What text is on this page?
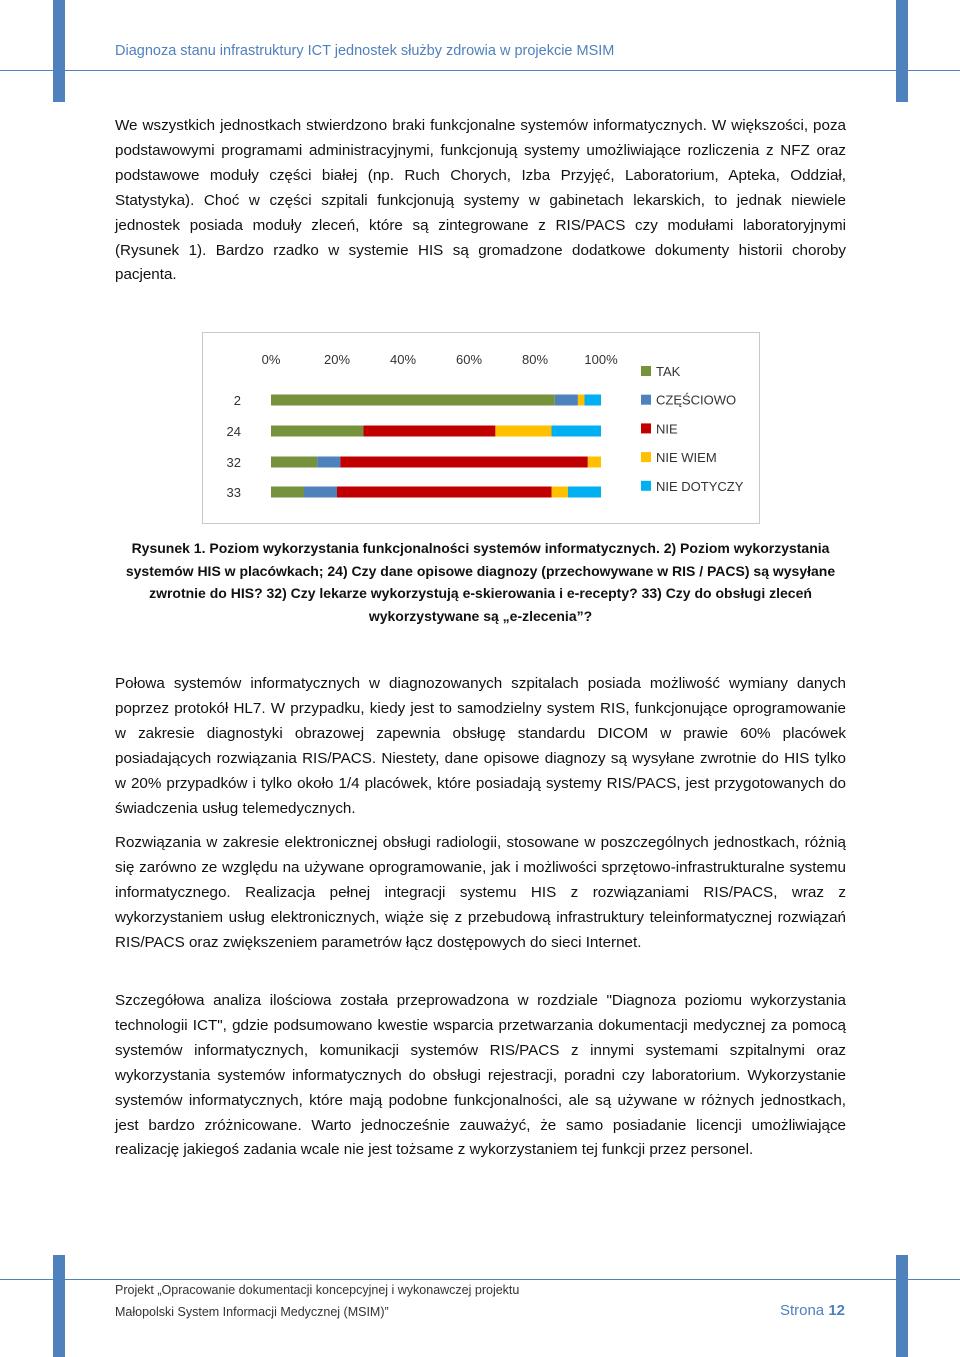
Diagnoza stanu infrastruktury ICT jednostek służby zdrowia w projekcie MSIM

We wszystkich jednostkach stwierdzono braki funkcjonalne systemów informatycznych. W większości, poza podstawowymi programami administracyjnymi, funkcjonują systemy umożliwiające rozliczenia z NFZ oraz podstawowe moduły części białej (np. Ruch Chorych, Izba Przyjęć, Laboratorium, Apteka, Oddział, Statystyka). Choć w części szpitali funkcjonują systemy w gabinetach lekarskich, to jednak niewiele jednostek posiada moduły zleceń, które są zintegrowane z RIS/PACS czy modułami laboratoryjnymi (Rysunek 1). Bardzo rzadko w systemie HIS są gromadzone dodatkowe dokumenty historii choroby pacjenta.

0%	20%	40%	60%	80%	100%
2
24
32
33
TAK
CZĘŚCIOWO
NIE
NIE WIEM
NIE DOTYCZY

Rysunek 1. Poziom wykorzystania funkcjonalności systemów informatycznych. 2) Poziom wykorzystania systemów HIS w placówkach; 24) Czy dane opisowe diagnozy (przechowywane w RIS / PACS) są wysyłane zwrotnie do HIS? 32) Czy lekarze wykorzystują e-skierowania i e-recepty? 33) Czy do obsługi zleceń wykorzystywane są „e-zlecenia”?

Połowa systemów informatycznych w diagnozowanych szpitalach posiada możliwość wymiany danych poprzez protokół HL7. W przypadku, kiedy jest to samodzielny system RIS, funkcjonujące oprogramowanie w zakresie diagnostyki obrazowej zapewnia obsługę standardu DICOM w prawie 60% placówek posiadających rozwiązania RIS/PACS. Niestety, dane opisowe diagnozy są wysyłane zwrotnie do HIS tylko w 20% przypadków i tylko około 1/4 placówek, które posiadają systemy RIS/PACS, jest przygotowanych do świadczenia usług telemedycznych.

Rozwiązania w zakresie elektronicznej obsługi radiologii, stosowane w poszczególnych jednostkach, różnią się zarówno ze względu na używane oprogramowanie, jak i możliwości sprzętowo-infrastrukturalne systemu informatycznego. Realizacja pełnej integracji systemu HIS z rozwiązaniami RIS/PACS, wraz z wykorzystaniem usług elektronicznych, wiąże się z przebudową infrastruktury teleinformatycznej rozwiązań RIS/PACS oraz zwiększeniem parametrów łącz dostępowych do sieci Internet.

Szczegółowa analiza ilościowa została przeprowadzona w rozdziale "Diagnoza poziomu wykorzystania technologii ICT", gdzie podsumowano kwestie wsparcia przetwarzania dokumentacji medycznej za pomocą systemów informatycznych, komunikacji systemów RIS/PACS z innymi systemami szpitalnymi oraz wykorzystania systemów informatycznych do obsługi rejestracji, poradni czy laboratorium. Wykorzystanie systemów informatycznych, które mają podobne funkcjonalności, ale są używane w różnych jednostkach, jest bardzo zróżnicowane. Warto jednocześnie zauważyć, że samo posiadanie licencji umożliwiające realizację jakiegoś zadania wcale nie jest tożsame z wykorzystaniem tej funkcji przez personel.

Projekt „Opracowanie dokumentacji koncepcyjnej i wykonawczej projektu
Małopolski System Informacji Medycznej (MSIM)”	Strona 12
